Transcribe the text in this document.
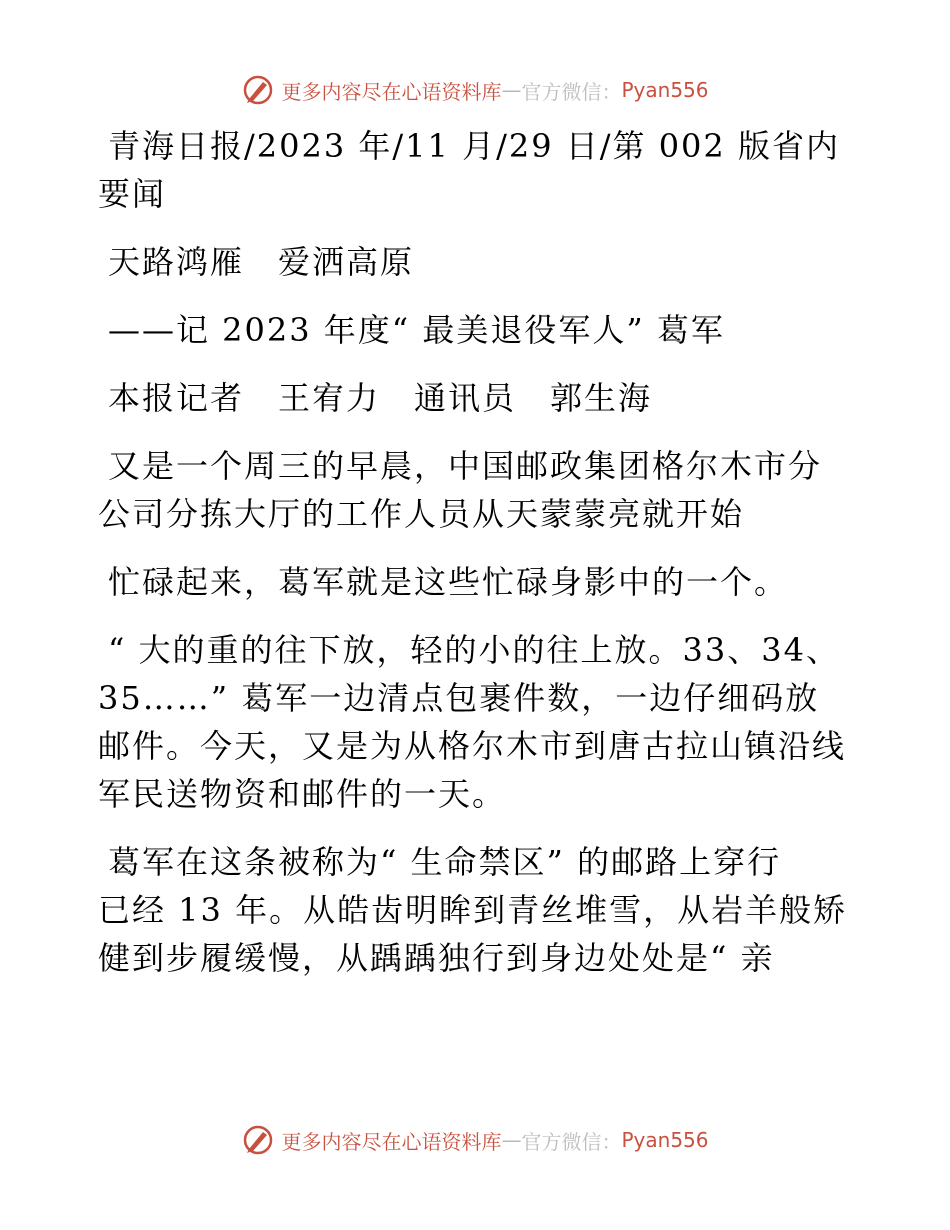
更多内容尽在心语资料库 — 官方微信： Pyan556
青海日报/2023 年/11 月/29 日/第 002 版省内
要闻
天路鸿雁　爱洒高原
——记 2023 年度“ 最美退役军人” 葛军
本报记者　王宥力　通讯员　郭生海
又是一个周三的早晨，中国邮政集团格尔木市分
公司分拣大厅的工作人员从天蒙蒙亮就开始
忙碌起来，葛军就是这些忙碌身影中的一个。
“ 大的重的往下放，轻的小的往上放。33、34、
35……” 葛军一边清点包裹件数，一边仔细码放
邮件。今天，又是为从格尔木市到唐古拉山镇沿线
军民送物资和邮件的一天。
葛军在这条被称为“ 生命禁区” 的邮路上穿行
已经 13 年。从皓齿明眸到青丝堆雪，从岩羊般矫
健到步履缓慢，从踽踽独行到身边处处是“ 亲
更多内容尽在心语资料库 — 官方微信： Pyan556
